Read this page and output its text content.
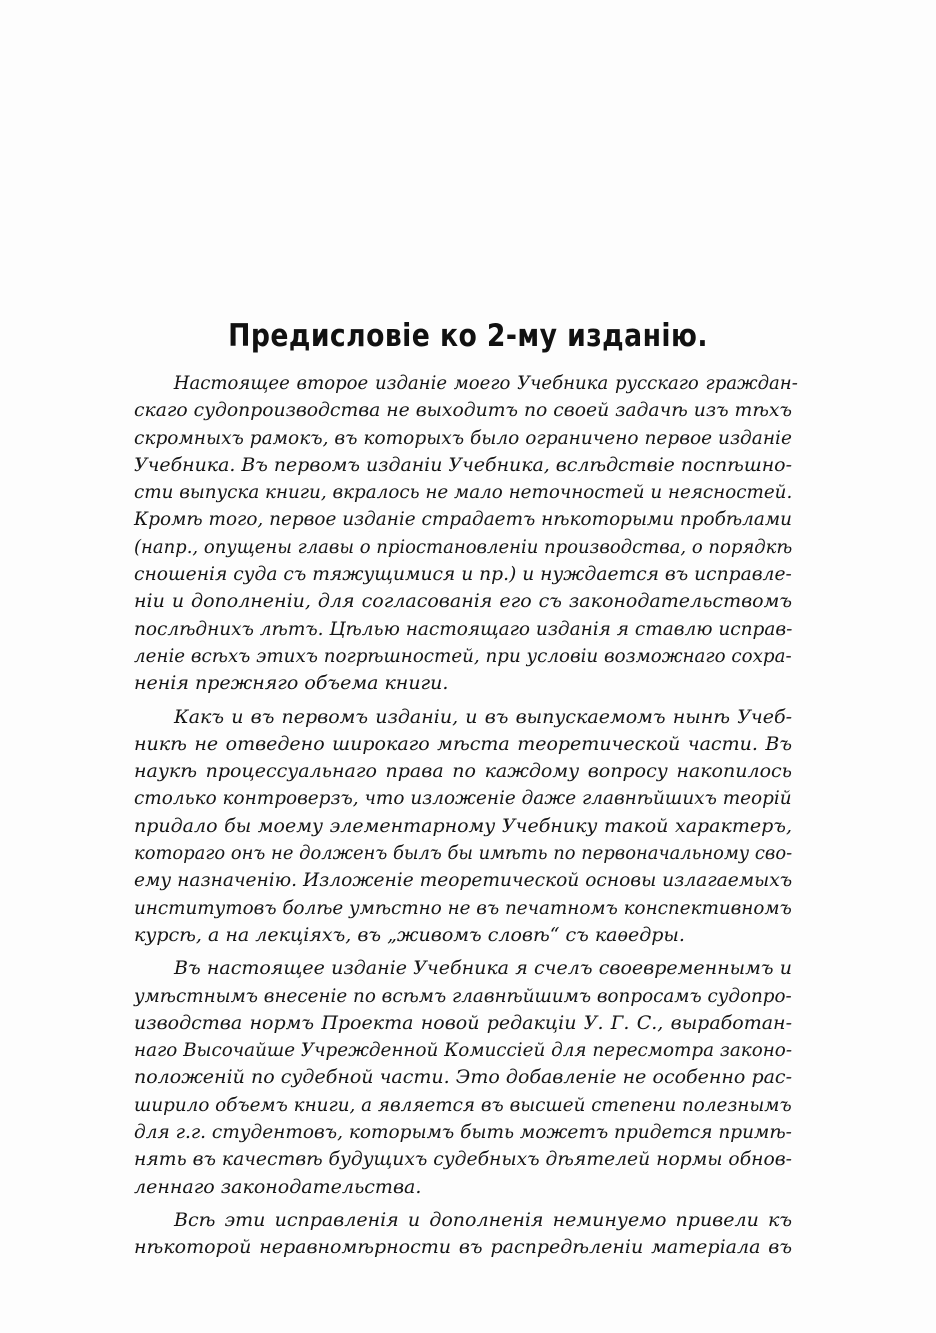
Предисловіе ко 2-му изданію.
Настоящее второе изданіе моего Учебника русскаго граждан-
скаго судопроизводства не выходитъ по своей задачѣ изъ тѣхъ
скромныхъ рамокъ, въ которыхъ было ограничено первое изданіе
Учебника. Въ первомъ изданіи Учебника, вслѣдствіе поспѣшно-
сти выпуска книги, вкралось не мало неточностей и неясностей.
Кромѣ того, первое изданіе страдаетъ нѣкоторыми пробѣлами
(напр., опущены главы о пріостановленіи производства, о порядкѣ
сношенія суда съ тяжущимися и пр.) и нуждается въ исправле-
ніи и дополненіи, для согласованія его съ законодательствомъ
послѣднихъ лѣтъ. Цѣлью настоящаго изданія я ставлю исправ-
леніе всѣхъ этихъ погрѣшностей, при условіи возможнаго сохра-
ненія прежняго объема книги.
Какъ и въ первомъ изданіи, и въ выпускаемомъ нынѣ Учеб-
никѣ не отведено широкаго мѣста теоретической части. Въ
наукѣ процессуальнаго права по каждому вопросу накопилось
столько контроверзъ, что изложеніе даже главнѣйшихъ теорій
придало бы моему элементарному Учебнику такой характеръ,
котораго онъ не долженъ былъ бы имѣть по первоначальному сво-
ему назначенію. Изложеніе теоретической основы излагаемыхъ
институтовъ болѣе умѣстно не въ печатномъ конспективномъ
курсѣ, а на лекціяхъ, въ „живомъ словѣ“ съ каѳедры.
Въ настоящее изданіе Учебника я счелъ своевременнымъ и
умѣстнымъ внесеніе по всѣмъ главнѣйшимъ вопросамъ судопро-
изводства нормъ Проекта новой редакціи У. Г. С., выработан-
наго Высочайше Учрежденной Комиссіей для пересмотра законо-
положеній по судебной части. Это добавленіе не особенно рас-
ширило объемъ книги, а является въ высшей степени полезнымъ
для г.г. студентовъ, которымъ быть можетъ придется примѣ-
нять въ качествѣ будущихъ судебныхъ дѣятелей нормы обнов-
леннаго законодательства.
Всѣ эти исправленія и дополненія неминуемо привели къ
нѣкоторой неравномѣрности въ распредѣленіи матеріала въ
